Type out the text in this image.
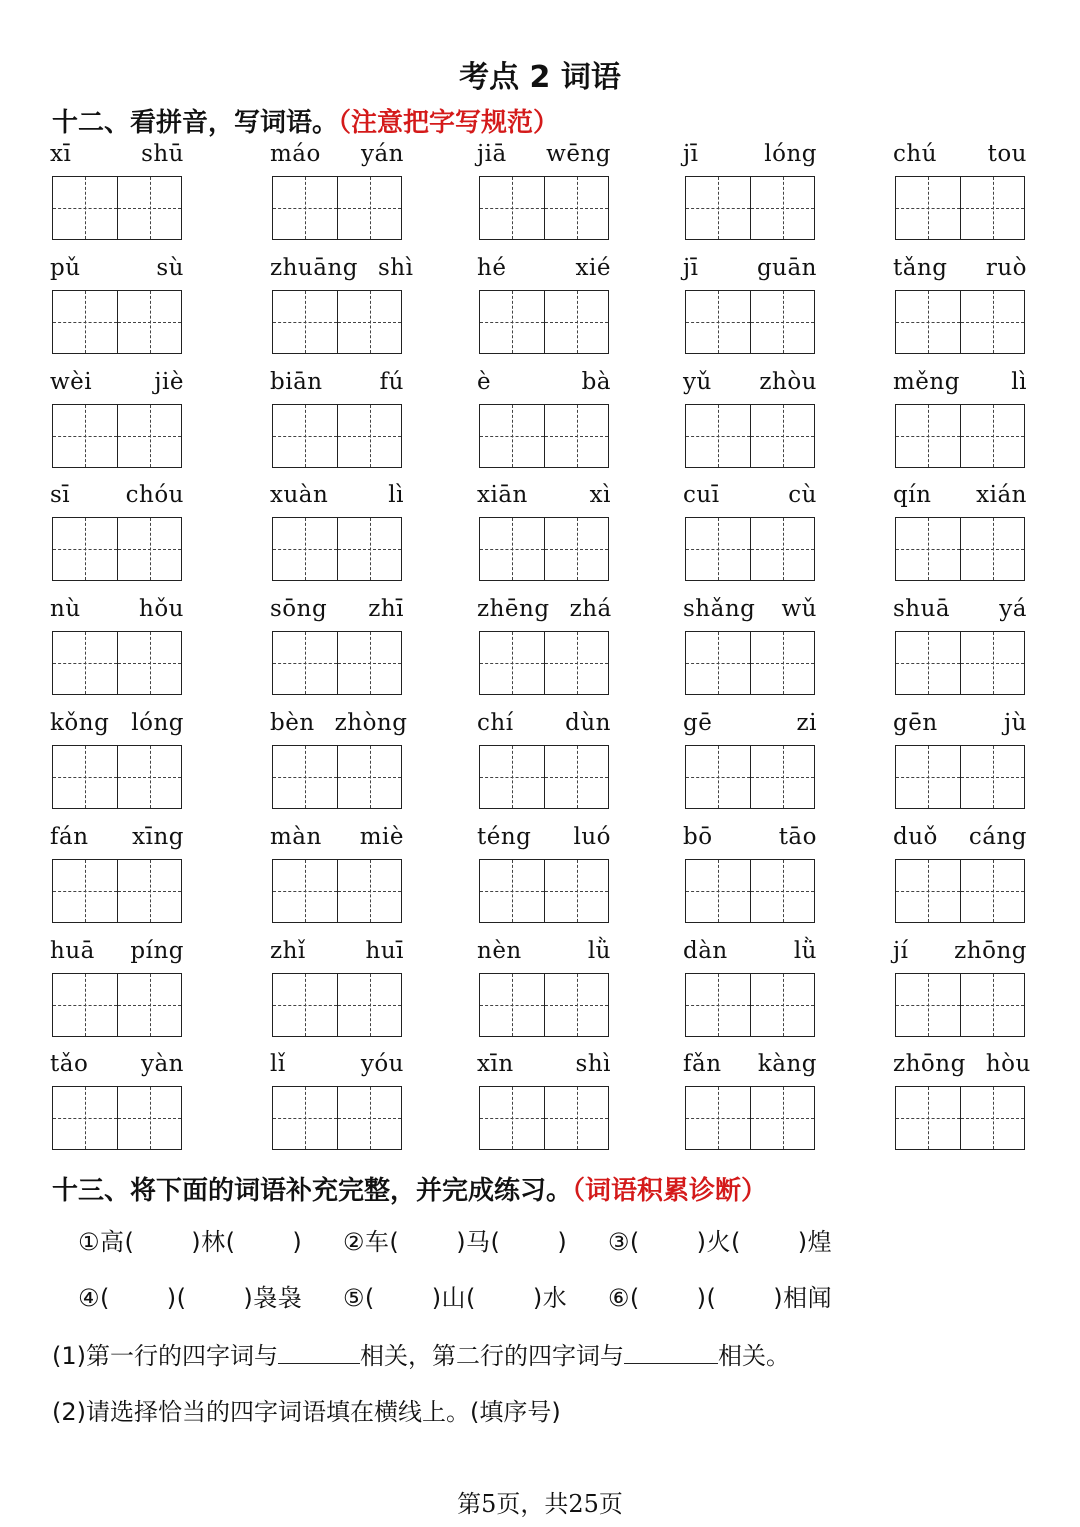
考点 2 词语
十二、看拼音，写词语。（注意把字写规范）
xī	shū	máo	yán	jiā	wēng	jī	lóng	chú	tou
pǔ	sù	zhuāng shì	hé	xié	jī	guān	tǎng	ruò
wèi	jiè	biān	fú	è	bà	yǔ	zhòu	měng	lì
sī	chóu	xuàn	lì	xiān	xì	cuī	cù	qín	xián
nù	hǒu	sōng	zhī	zhēng zhá	shǎng	wǔ	shuā	yá
kǒng lóng	bèn zhòng	chí	dùn	gē	zi	gēn	jù
fán	xīng	màn	miè	téng	luó	bō	tāo	duǒ	cáng
huā	píng	zhǐ	huī	nèn	lǜ	dàn	lǜ	jí	zhōng
tǎo	yàn	lǐ	yóu	xīn	shì	fǎn	kàng	zhōng hòu
十三、将下面的词语补充完整，并完成练习。（词语积累诊断）
①高(       )林(       )     ②车(       )马(       )     ③(       )火(       )煌
④(       )(       )袅袅     ⑤(       )山(       )水     ⑥(       )(       )相闻
(1)第一行的四字词与	相关，第二行的四字词与	相关。
(2)请选择恰当的四字词语填在横线上。(填序号)
第5页，共25页
